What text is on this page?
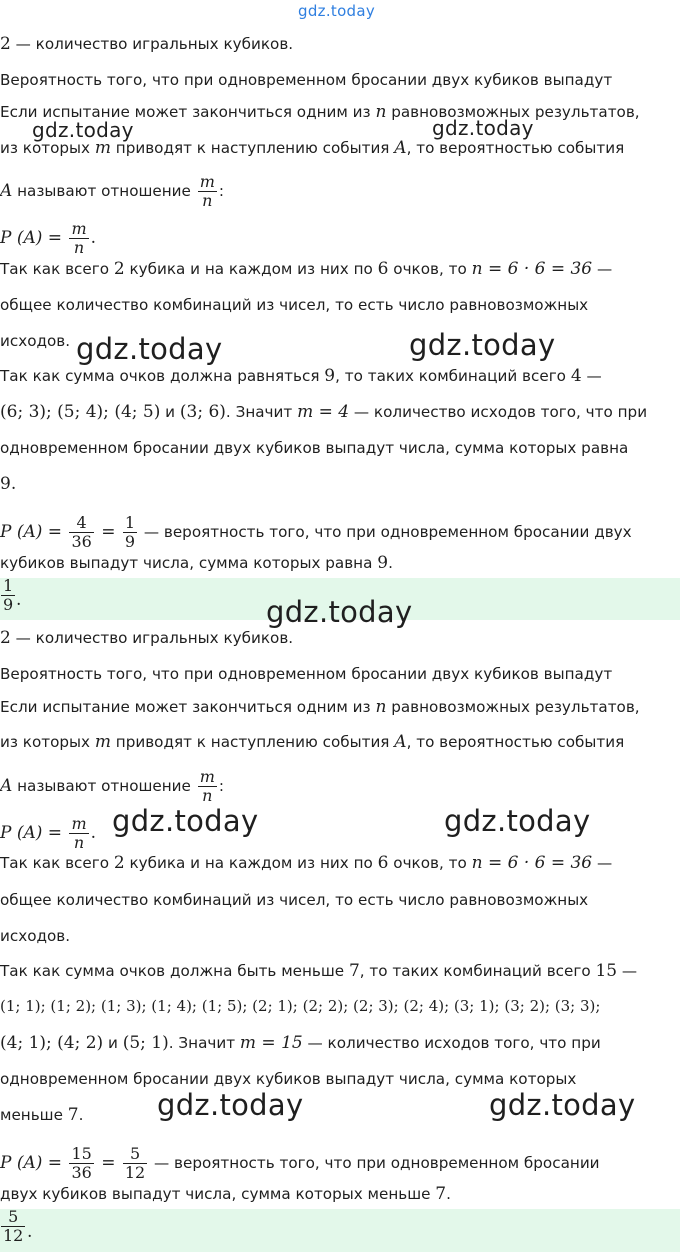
gdz.today
gdz.today	gdz.today
gdz.today	gdz.today
gdz.today
gdz.today	gdz.today
gdz.today	gdz.today
2 — количество игральных кубиков.
Вероятность того, что при одновременном бросании двух кубиков выпадут
Если испытание может закончиться одним из n равновозможных результатов,
из которых m приводят к наступлению события A, то вероятностью события
A называют отношение $\frac{m}{n}$ :
P $(A) = \frac{m}{n}$ .
Так как всего 2 кубика и на каждом из них по 6 очков, то n = 6 · 6 = 36 —
общее количество комбинаций из чисел, то есть число равновозможных
исходов.
Так как сумма очков должна равняться 9, то таких комбинаций всего 4 —
(6; 3); (5; 4); (4; 5) и (3; 6). Значит m = 4 — количество исходов того, что при
одновременном бросании двух кубиков выпадут числа, сумма которых равна
9.
P $(A) = \frac{4}{36} = \frac{1}{9}$ — вероятность того, что при одновременном бросании двух
кубиков выпадут числа, сумма которых равна 9.
$\frac{1}{9}$ .
2 — количество игральных кубиков.
Вероятность того, что при одновременном бросании двух кубиков выпадут
Если испытание может закончиться одним из n равновозможных результатов,
из которых m приводят к наступлению события A, то вероятностью события
A называют отношение $\frac{m}{n}$ :
P $(A) = \frac{m}{n}$ .
Так как всего 2 кубика и на каждом из них по 6 очков, то n = 6 · 6 = 36 —
общее количество комбинаций из чисел, то есть число равновозможных
исходов.
Так как сумма очков должна быть меньше 7, то таких комбинаций всего 15 —
(1; 1); (1; 2); (1; 3); (1; 4); (1; 5); (2; 1); (2; 2); (2; 3); (2; 4); (3; 1); (3; 2); (3; 3);
(4; 1); (4; 2) и (5; 1). Значит m = 15 — количество исходов того, что при
одновременном бросании двух кубиков выпадут числа, сумма которых
меньше 7.
P $(A) = \frac{15}{36} = \frac{5}{12}$ — вероятность того, что при одновременном бросании
двух кубиков выпадут числа, сумма которых меньше 7.
$\frac{5}{12}$ .
